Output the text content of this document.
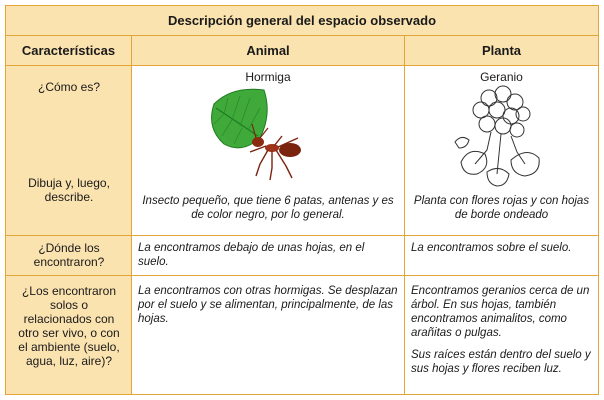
Descripción general del espacio observado
Características	Animal	Planta
¿Cómo es?
Dibuja y, luego, describe.
Hormiga
Insecto pequeño, que tiene 6 patas, antenas y es de color negro, por lo general.
Geranio
Planta con flores rojas y con hojas de borde ondeado
¿Dónde los encontraron?
La encontramos debajo de unas hojas, en el suelo.
La encontramos sobre el suelo.
¿Los encontraron solos o relacionados con otro ser vivo, o con el ambiente (suelo, agua, luz, aire)?
La encontramos con otras hormigas. Se desplazan por el suelo y se alimentan, principalmente, de las hojas.
Encontramos geranios cerca de un árbol. En sus hojas, también encontramos animalitos, como arañitas o pulgas.
Sus raíces están dentro del suelo y sus hojas y flores reciben luz.
